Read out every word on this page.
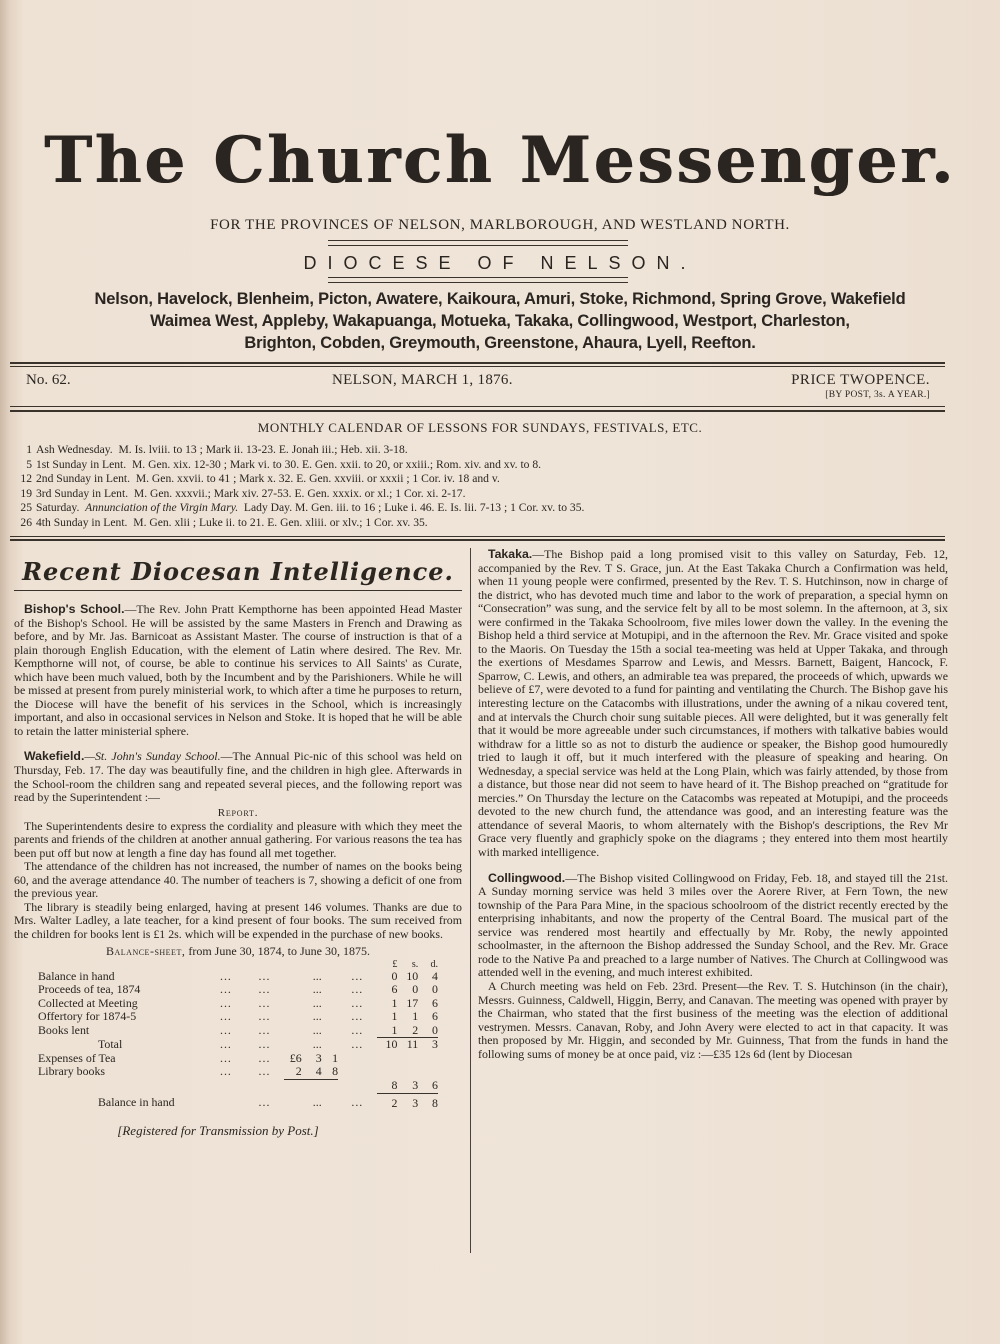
The Church Messenger.
FOR THE PROVINCES OF NELSON, MARLBOROUGH, AND WESTLAND NORTH.
DIOCESE OF NELSON.
Nelson, Havelock, Blenheim, Picton, Awatere, Kaikoura, Amuri, Stoke, Richmond, Spring Grove, Wakefield
Waimea West, Appleby, Wakapuanga, Motueka, Takaka, Collingwood, Westport, Charleston,
Brighton, Cobden, Greymouth, Greenstone, Ahaura, Lyell, Reefton.
No. 62.	NELSON, MARCH 1, 1876.	PRICE TWOPENCE.
[BY POST, 3s. A YEAR.]
MONTHLY CALENDAR OF LESSONS FOR SUNDAYS, FESTIVALS, ETC.
1 Ash Wednesday. M. Is. lviii. to 13 ; Mark ii. 13-23. E. Jonah iii.; Heb. xii. 3-18.
5 1st Sunday in Lent. M. Gen. xix. 12-30 ; Mark vi. to 30. E. Gen. xxii. to 20, or xxiii.; Rom. xiv. and xv. to 8.
12 2nd Sunday in Lent. M. Gen. xxvii. to 41 ; Mark x. 32. E. Gen. xxviii. or xxxii ; 1 Cor. iv. 18 and v.
19 3rd Sunday in Lent. M. Gen. xxxvii.; Mark xiv. 27-53. E. Gen. xxxix. or xl.; 1 Cor. xi. 2-17.
25 Saturday. Annunciation of the Virgin Mary. Lady Day. M. Gen. iii. to 16 ; Luke i. 46. E. Is. lii. 7-13 ; 1 Cor. xv. to 35.
26 4th Sunday in Lent. M. Gen. xlii ; Luke ii. to 21. E. Gen. xliii. or xlv.; 1 Cor. xv. 35.
Recent Diocesan Intelligence.

Bishop's School.—The Rev. John Pratt Kempthorne has been appointed Head Master of the Bishop's School. He will be assisted by the same Masters in French and Drawing as before, and by Mr. Jas. Barnicoat as Assistant Master. The course of instruction is that of a plain thorough English Education, with the element of Latin where desired. The Rev. Mr. Kempthorne will not, of course, be able to continue his services to All Saints' as Curate, which have been much valued, both by the Incumbent and by the Parishioners. While he will be missed at present from purely ministerial work, to which after a time he purposes to return, the Diocese will have the benefit of his services in the School, which is increasingly important, and also in occasional services in Nelson and Stoke. It is hoped that he will be able to retain the latter ministerial sphere.

Wakefield.—St. John's Sunday School.—The Annual Pic-nic of this school was held on Thursday, Feb. 17. The day was beautifully fine, and the children in high glee. Afterwards in the School-room the children sang and repeated several pieces, and the following report was read by the Superintendent :—

Report.

The Superintendents desire to express the cordiality and pleasure with which they meet the parents and friends of the children at another annual gathering. For various reasons the tea has been put off but now at length a fine day has found all met together.

The attendance of the children has not increased, the number of names on the books being 60, and the average attendance 40. The number of teachers is 7, showing a deficit of one from the previous year.

The library is steadily being enlarged, having at present 146 volumes. Thanks are due to Mrs. Walter Ladley, a late teacher, for a kind present of four books. The sum received from the children for books lent is £1 2s. which will be expended in the purchase of new books.

Balance-sheet, from June 30, 1874, to June 30, 1875.
							£	s.	d.
Balance in hand	...	...		...		...	0	10	4
Proceeds of tea, 1874	...	...		...		...	6	0	0
Collected at Meeting	...	...		...		...	1	17	6
Offertory for 1874-5	...	...		...		...	1	1	6
Books lent	...	...		...		...	1	2	0
Total	...	...		...		...	10	11	3
Expenses of Tea	...	...	£6	3	1				
Library books	...	...	2	4	8				
							8	3	6
Balance in hand		...		...		...	2	3	8
[Registered for Transmission by Post.]

Takaka.—The Bishop paid a long promised visit to this valley on Saturday, Feb. 12, accompanied by the Rev. T S. Grace, jun. At the East Takaka Church a Confirmation was held, when 11 young people were confirmed, presented by the Rev. T. S. Hutchinson, now in charge of the district, who has devoted much time and labor to the work of preparation, a special hymn on “Consecration” was sung, and the service felt by all to be most solemn. In the afternoon, at 3, six were confirmed in the Takaka Schoolroom, five miles lower down the valley. In the evening the Bishop held a third service at Motupipi, and in the afternoon the Rev. Mr. Grace visited and spoke to the Maoris. On Tuesday the 15th a social tea-meeting was held at Upper Takaka, and through the exertions of Mesdames Sparrow and Lewis, and Messrs. Barnett, Baigent, Hancock, F. Sparrow, C. Lewis, and others, an admirable tea was prepared, the proceeds of which, upwards we believe of £7, were devoted to a fund for painting and ventilating the Church. The Bishop gave his interesting lecture on the Catacombs with illustrations, under the awning of a nikau covered tent, and at intervals the Church choir sung suitable pieces. All were delighted, but it was generally felt that it would be more agreeable under such circumstances, if mothers with talkative babies would withdraw for a little so as not to disturb the audience or speaker, the Bishop good humouredly tried to laugh it off, but it much interfered with the pleasure of speaking and hearing. On Wednesday, a special service was held at the Long Plain, which was fairly attended, by those from a distance, but those near did not seem to have heard of it. The Bishop preached on “gratitude for mercies.” On Thursday the lecture on the Catacombs was repeated at Motupipi, and the proceeds devoted to the new church fund, the attendance was good, and an interesting feature was the attendance of several Maoris, to whom alternately with the Bishop's descriptions, the Rev Mr Grace very fluently and graphicly spoke on the diagrams ; they entered into them most heartily with marked intelligence.

Collingwood.—The Bishop visited Collingwood on Friday, Feb. 18, and stayed till the 21st. A Sunday morning service was held 3 miles over the Aorere River, at Fern Town, the new township of the Para Para Mine, in the spacious schoolroom of the district recently erected by the enterprising inhabitants, and now the property of the Central Board. The musical part of the service was rendered most heartily and effectually by Mr. Roby, the newly appointed schoolmaster, in the afternoon the Bishop addressed the Sunday School, and the Rev. Mr. Grace rode to the Native Pa and preached to a large number of Natives. The Church at Collingwood was attended well in the evening, and much interest exhibited.

A Church meeting was held on Feb. 23rd. Present—the Rev. T. S. Hutchinson (in the chair), Messrs. Guinness, Caldwell, Higgin, Berry, and Canavan. The meeting was opened with prayer by the Chairman, who stated that the first business of the meeting was the election of additional vestrymen. Messrs. Canavan, Roby, and John Avery were elected to act in that capacity. It was then proposed by Mr. Higgin, and seconded by Mr. Guinness, That from the funds in hand the following sums of money be at once paid, viz :—£35 12s 6d (lent by Diocesan
